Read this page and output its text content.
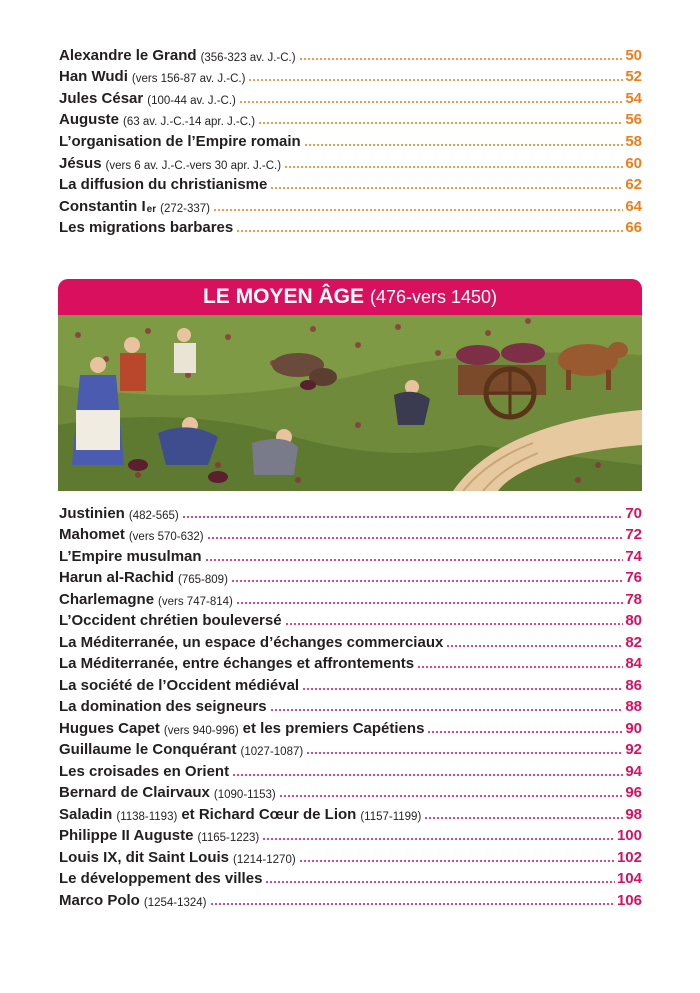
Alexandre le Grand (356-323 av. J.-C.)	50
Han Wudi (vers 156-87 av. J.-C.)	52
Jules César (100-44 av. J.-C.)	54
Auguste (63 av. J.-C.-14 apr. J.-C.)	56
L’organisation de l’Empire romain	58
Jésus (vers 6 av. J.-C.-vers 30 apr. J.-C.)	60
La diffusion du christianisme	62
Constantin I er (272-337)	64
Les migrations barbares	66
LE MOYEN ÂGE (476-vers 1450)
Justinien (482-565)	70
Mahomet (vers 570-632)	72
L’Empire musulman	74
Harun al-Rachid (765-809)	76
Charlemagne (vers 747-814)	78
L’Occident chrétien bouleversé	80
La Méditerranée, un espace d’échanges commerciaux	82
La Méditerranée, entre échanges et affrontements	84
La société de l’Occident médiéval	86
La domination des seigneurs	88
Hugues Capet (vers 940-996) et les premiers Capétiens	90
Guillaume le Conquérant (1027-1087)	92
Les croisades en Orient	94
Bernard de Clairvaux (1090-1153)	96
Saladin (1138-1193) et Richard Cœur de Lion (1157-1199)	98
Philippe II Auguste (1165-1223)	100
Louis IX, dit Saint Louis (1214-1270)	102
Le développement des villes	104
Marco Polo (1254-1324)	106
